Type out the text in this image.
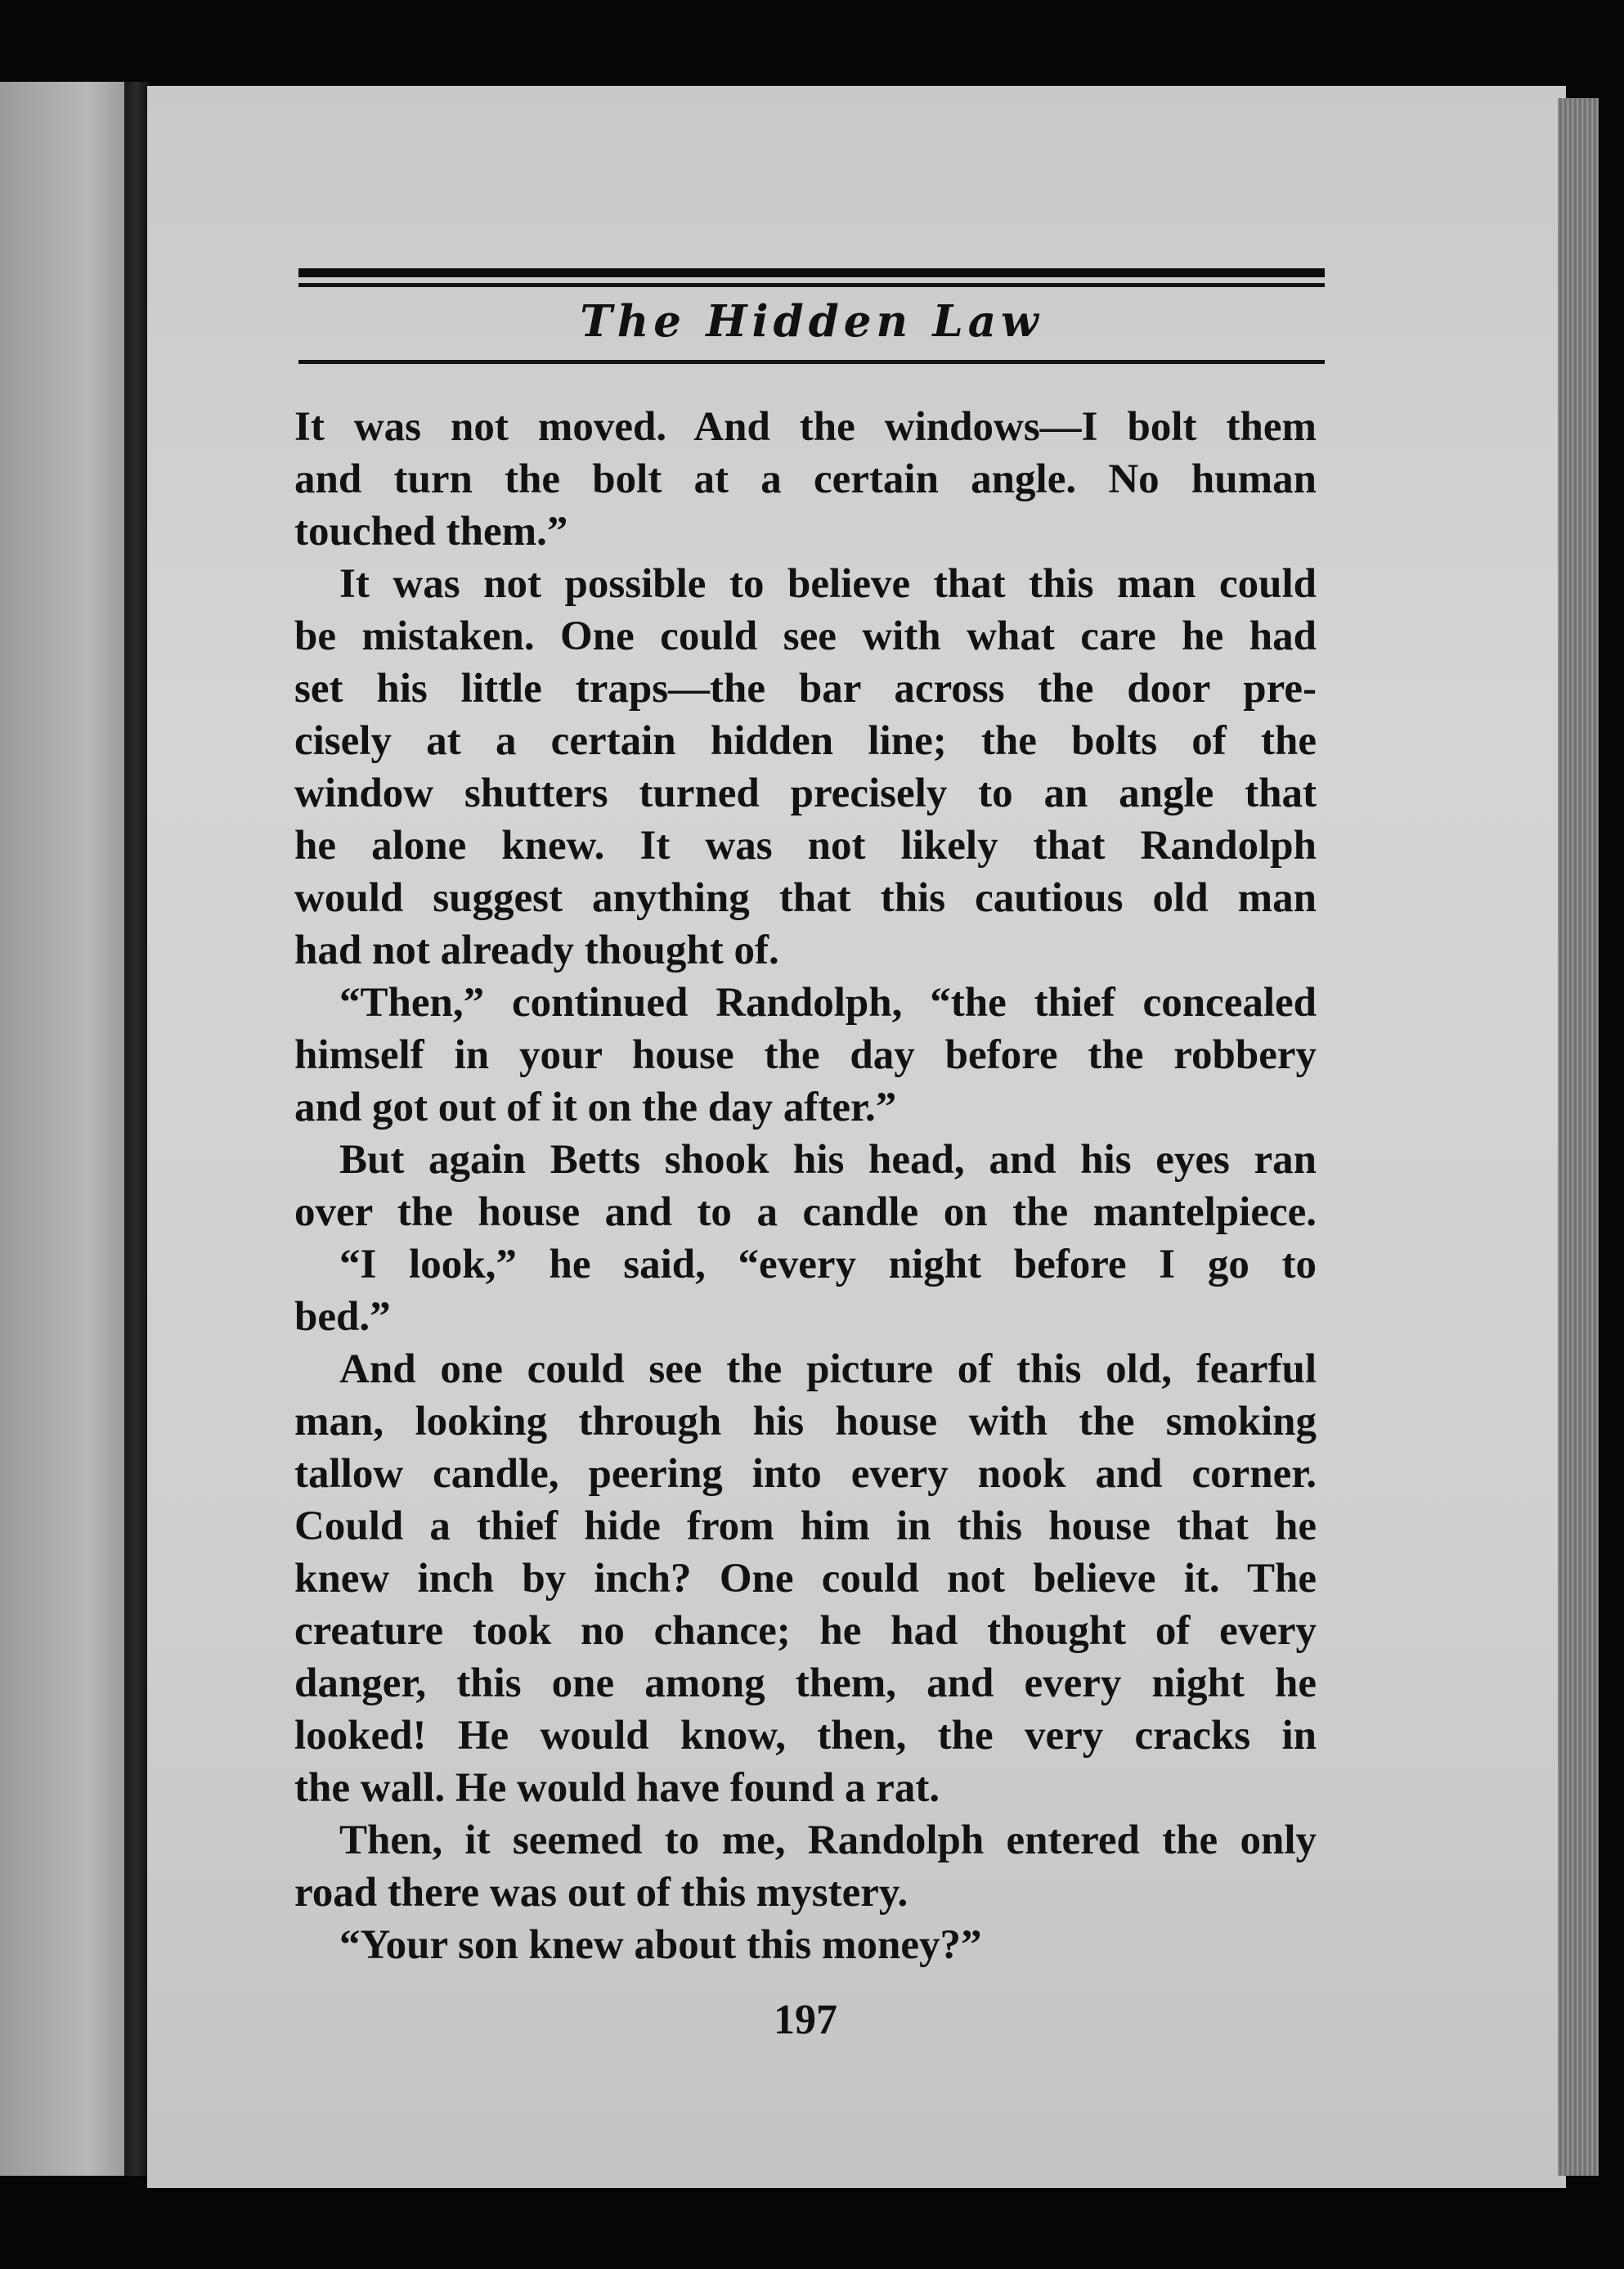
The Hidden Law
It was not moved. And the windows—I bolt them
and turn the bolt at a certain angle. No human
touched them.”
It was not possible to believe that this man could
be mistaken. One could see with what care he had
set his little traps—the bar across the door pre-
cisely at a certain hidden line; the bolts of the
window shutters turned precisely to an angle that
he alone knew. It was not likely that Randolph
would suggest anything that this cautious old man
had not already thought of.
“Then,” continued Randolph, “the thief concealed
himself in your house the day before the robbery
and got out of it on the day after.”
But again Betts shook his head, and his eyes ran
over the house and to a candle on the mantelpiece.
“I look,” he said, “every night before I go to
bed.”
And one could see the picture of this old, fearful
man, looking through his house with the smoking
tallow candle, peering into every nook and corner.
Could a thief hide from him in this house that he
knew inch by inch? One could not believe it. The
creature took no chance; he had thought of every
danger, this one among them, and every night he
looked! He would know, then, the very cracks in
the wall. He would have found a rat.
Then, it seemed to me, Randolph entered the only
road there was out of this mystery.
“Your son knew about this money?”
197
